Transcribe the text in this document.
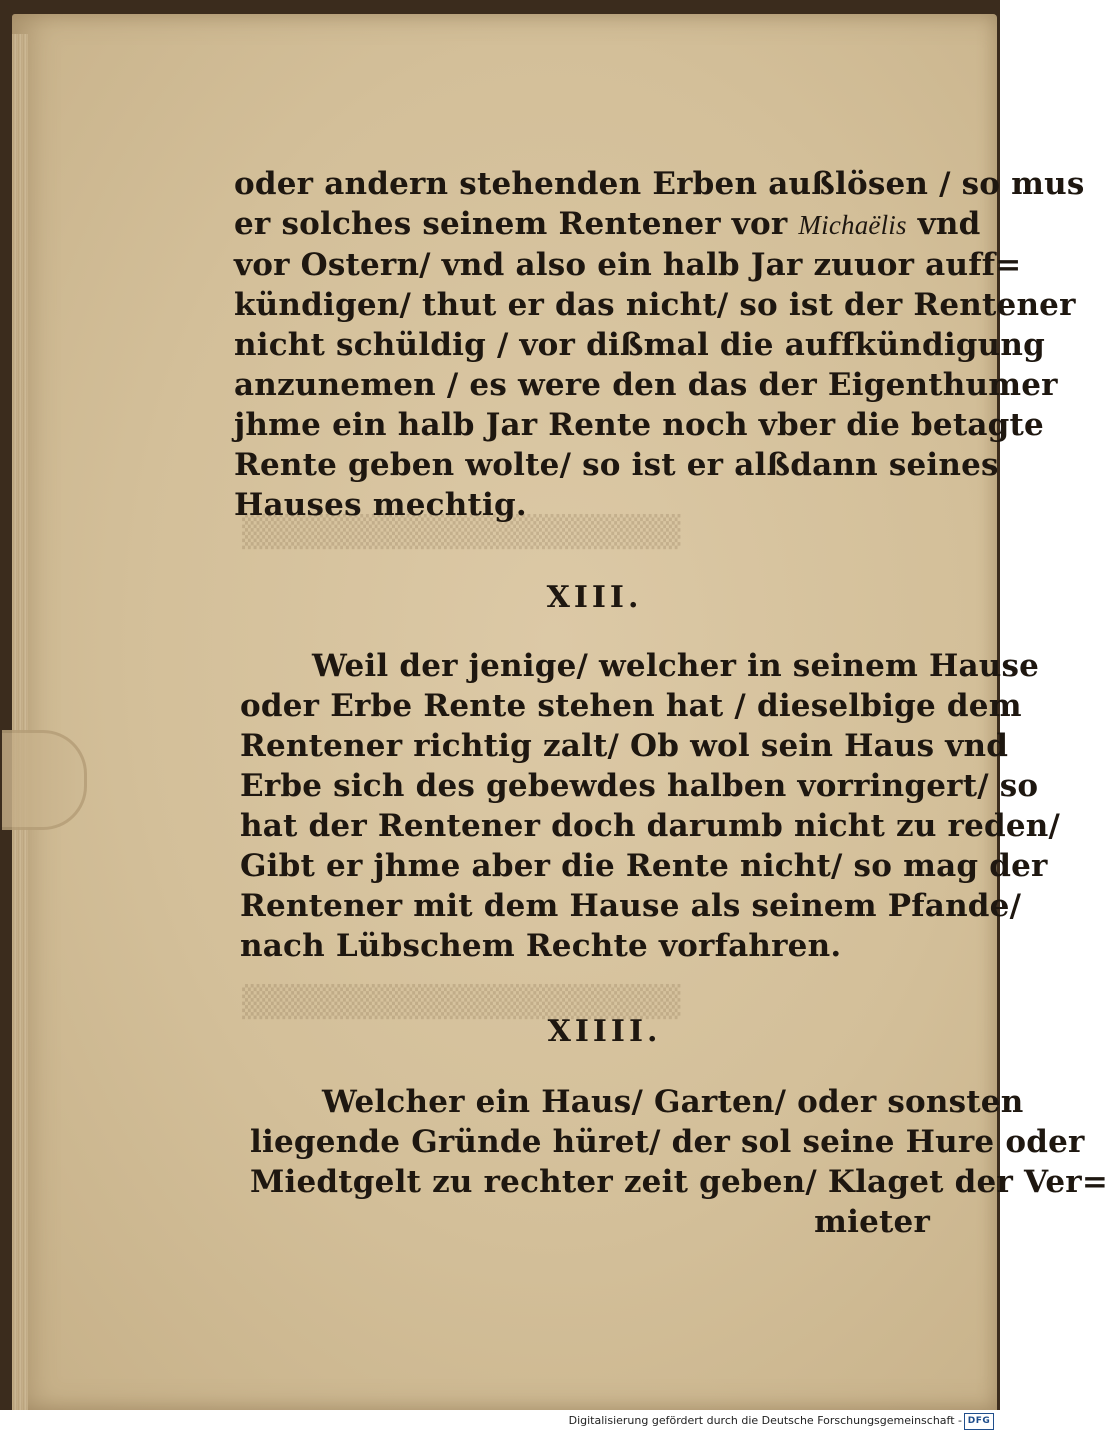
▒▒▒▒▒▒▒▒▒▒▒▒▒▒▒▒▒▒▒
▒▒▒▒▒▒▒▒▒▒▒▒▒▒▒▒▒▒▒
oder andern stehenden Erben außlösen / so mus
er solches seinem Rentener vor Michaëlis vnd
vor Ostern/ vnd also ein halb Jar zuuor auff=
kündigen/ thut er das nicht/ so ist der Rentener
nicht schüldig / vor dißmal die auffkündigung
anzunemen / es were den das der Eigenthumer
jhme ein halb Jar Rente noch vber die betagte
Rente geben wolte/ so ist er alßdann seines
Hauses mechtig.
XIII.
Weil der jenige/ welcher in seinem Hause
oder Erbe Rente stehen hat / dieselbige dem
Rentener richtig zalt/ Ob wol sein Haus vnd
Erbe sich des gebewdes halben vorringert/ so
hat der Rentener doch darumb nicht zu reden/
Gibt er jhme aber die Rente nicht/ so mag der
Rentener mit dem Hause als seinem Pfande/
nach Lübschem Rechte vorfahren.
XIIII.
Welcher ein Haus/ Garten/ oder sonsten
liegende Gründe hüret/ der sol seine Hure oder
Miedtgelt zu rechter zeit geben/ Klaget der Ver=
mieter
Digitalisierung gefördert durch die Deutsche Forschungsgemeinschaft - DFG
